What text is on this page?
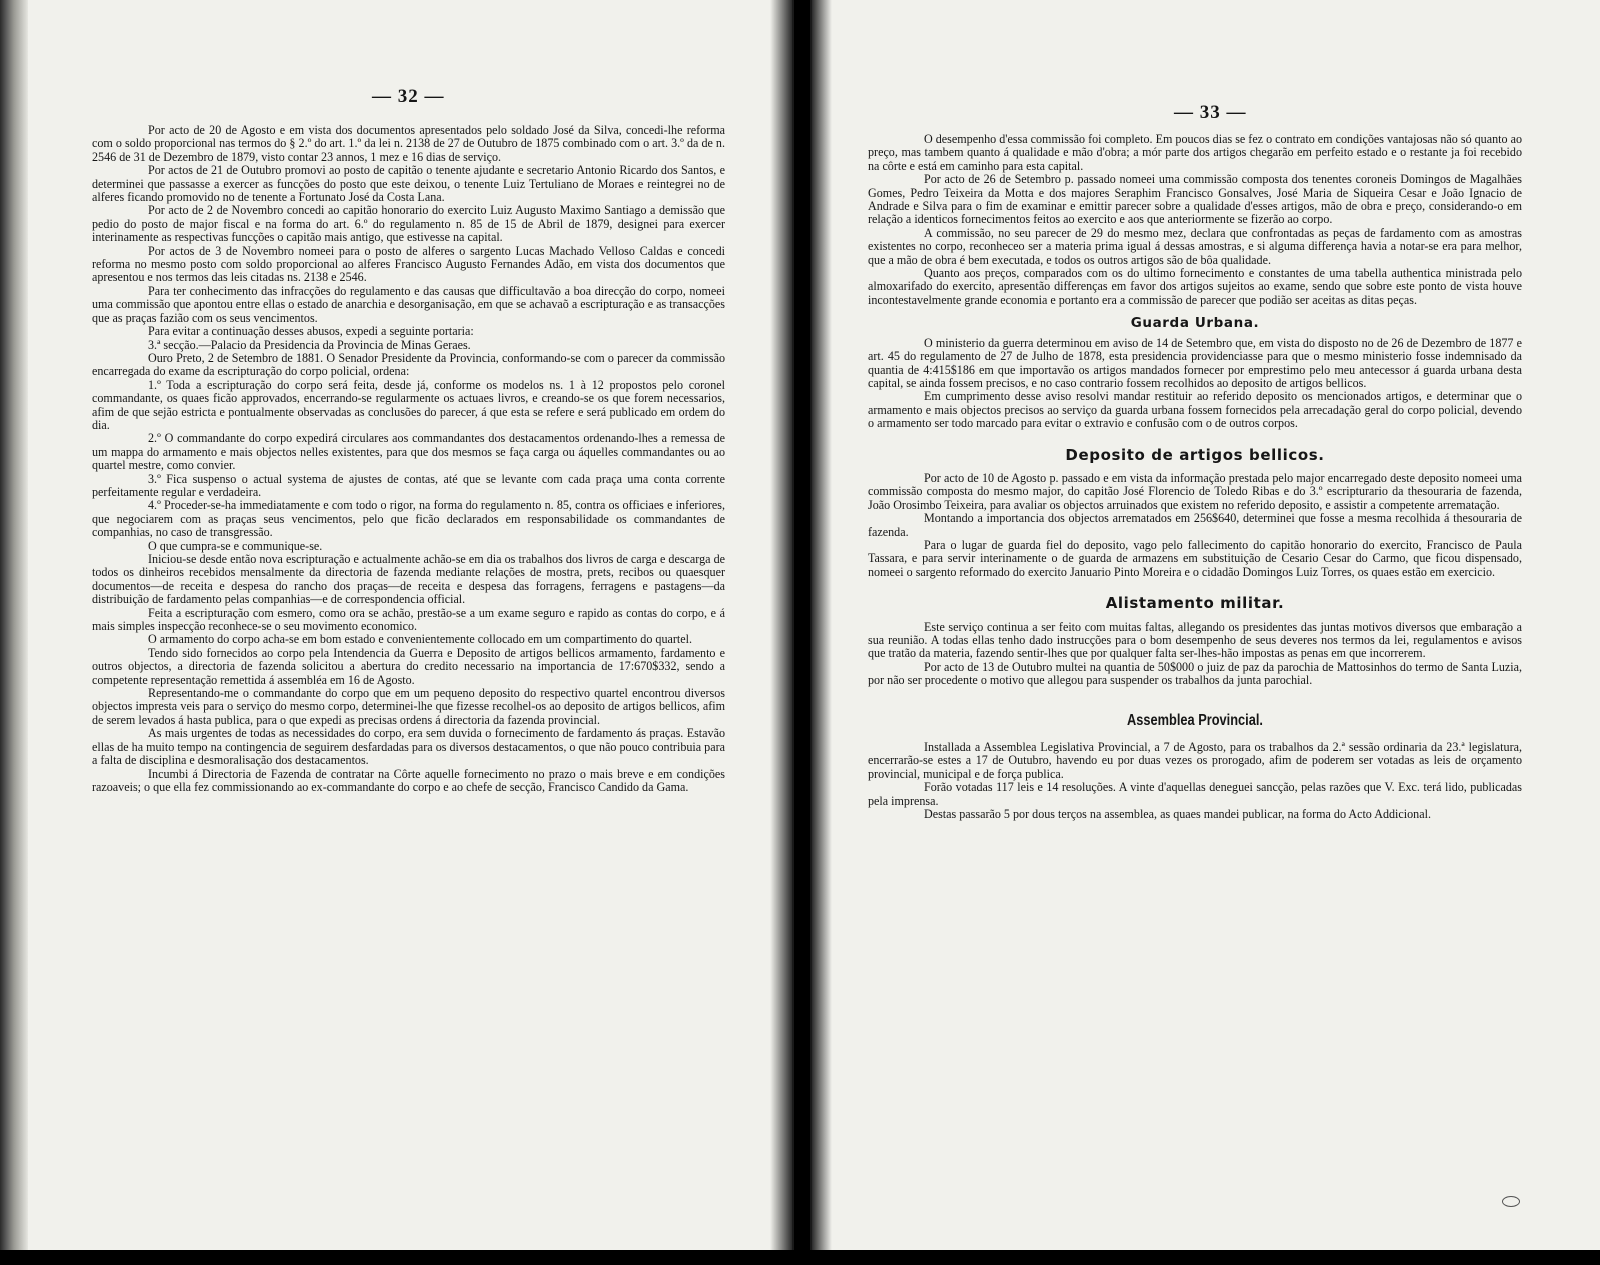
— 32 —

Por acto de 20 de Agosto e em vista dos documentos apresentados pelo soldado José da Silva, concedi-lhe reforma com o soldo proporcional nas termos do § 2.º do art. 1.º da lei n. 2138 de 27 de Outubro de 1875 combinado com o art. 3.º da de n. 2546 de 31 de Dezembro de 1879, visto contar 23 annos, 1 mez e 16 dias de serviço.

Por actos de 21 de Outubro promovi ao posto de capitão o tenente ajudante e secretario Antonio Ricardo dos Santos, e determinei que passasse a exercer as funcções do posto que este deixou, o tenente Luiz Tertuliano de Moraes e reintegrei no de alferes ficando promovido no de tenente a Fortunato José da Costa Lana.

Por acto de 2 de Novembro concedi ao capitão honorario do exercito Luiz Augusto Maximo Santiago a demissão que pedio do posto de major fiscal e na forma do art. 6.º do regulamento n. 85 de 15 de Abril de 1879, designei para exercer interinamente as respectivas funcções o capitão mais antigo, que estivesse na capital.

Por actos de 3 de Novembro nomeei para o posto de alferes o sargento Lucas Machado Velloso Caldas e concedi reforma no mesmo posto com soldo proporcional ao alferes Francisco Augusto Fernandes Adão, em vista dos documentos que apresentou e nos termos das leis citadas ns. 2138 e 2546.

Para ter conhecimento das infracções do regulamento e das causas que difficultavão a boa direcção do corpo, nomeei uma commissão que apontou entre ellas o estado de anarchia e desorganisação, em que se achavaõ a escripturação e as transacções que as praças fazião com os seus vencimentos.

Para evitar a continuação desses abusos, expedi a seguinte portaria:

3.ª secção.—Palacio da Presidencia da Provincia de Minas Geraes.

Ouro Preto, 2 de Setembro de 1881. O Senador Presidente da Provincia, conformando-se com o parecer da commissão encarregada do exame da escripturação do corpo policial, ordena:

1.º Toda a escripturação do corpo será feita, desde já, conforme os modelos ns. 1 à 12 propostos pelo coronel commandante, os quaes ficão approvados, encerrando-se regularmente os actuaes livros, e creando-se os que forem necessarios, afim de que sejão estricta e pontualmente observadas as conclusões do parecer, á que esta se refere e será publicado em ordem do dia.

2.º O commandante do corpo expedirá circulares aos commandantes dos destacamentos ordenando-lhes a remessa de um mappa do armamento e mais objectos nelles existentes, para que dos mesmos se faça carga ou áquelles commandantes ou ao quartel mestre, como convier.

3.º Fica suspenso o actual systema de ajustes de contas, até que se levante com cada praça uma conta corrente perfeitamente regular e verdadeira.

4.º Proceder-se-ha immediatamente e com todo o rigor, na forma do regulamento n. 85, contra os officiaes e inferiores, que negociarem com as praças seus vencimentos, pelo que ficão declarados em responsabilidade os commandantes de companhias, no caso de transgressão.

O que cumpra-se e communique-se.

Iniciou-se desde então nova escripturação e actualmente achão-se em dia os trabalhos dos livros de carga e descarga de todos os dinheiros recebidos mensalmente da directoria de fazenda mediante relações de mostra, prets, recibos ou quaesquer documentos—de receita e despesa do rancho dos praças—de receita e despesa das forragens, ferragens e pastagens—da distribuição de fardamento pelas companhias—e de correspondencia official.

Feita a escripturação com esmero, como ora se achão, prestão-se a um exame seguro e rapido as contas do corpo, e á mais simples inspecção reconhece-se o seu movimento economico.

O armamento do corpo acha-se em bom estado e convenientemente collocado em um compartimento do quartel.

Tendo sido fornecidos ao corpo pela Intendencia da Guerra e Deposito de artigos bellicos armamento, fardamento e outros objectos, a directoria de fazenda solicitou a abertura do credito necessario na importancia de 17:670$332, sendo a competente representação remettida á assembléa em 16 de Agosto.

Representando-me o commandante do corpo que em um pequeno deposito do respectivo quartel encontrou diversos objectos impresta veis para o serviço do mesmo corpo, determinei-lhe que fizesse recolhel-os ao deposito de artigos bellicos, afim de serem levados á hasta publica, para o que expedi as precisas ordens á directoria da fazenda provincial.

As mais urgentes de todas as necessidades do corpo, era sem duvida o fornecimento de fardamento ás praças. Estavão ellas de ha muito tempo na contingencia de seguirem desfardadas para os diversos destacamentos, o que não pouco contribuia para a falta de disciplina e desmoralisação dos destacamentos.

Incumbi á Directoria de Fazenda de contratar na Côrte aquelle fornecimento no prazo o mais breve e em condições razoaveis; o que ella fez commissionando ao ex-commandante do corpo e ao chefe de secção, Francisco Candido da Gama.

— 33 —

O desempenho d'essa commissão foi completo. Em poucos dias se fez o contrato em condições vantajosas não só quanto ao preço, mas tambem quanto á qualidade e mão d'obra; a mór parte dos artigos chegarão em perfeito estado e o restante ja foi recebido na côrte e está em caminho para esta capital.

Por acto de 26 de Setembro p. passado nomeei uma commissão composta dos tenentes coroneis Domingos de Magalhães Gomes, Pedro Teixeira da Motta e dos majores Seraphim Francisco Gonsalves, José Maria de Siqueira Cesar e João Ignacio de Andrade e Silva para o fim de examinar e emittir parecer sobre a qualidade d'esses artigos, mão de obra e preço, considerando-o em relação a identicos fornecimentos feitos ao exercito e aos que anteriormente se fizerão ao corpo.

A commissão, no seu parecer de 29 do mesmo mez, declara que confrontadas as peças de fardamento com as amostras existentes no corpo, reconheceo ser a materia prima igual á dessas amostras, e si alguma differença havia a notar-se era para melhor, que a mão de obra é bem executada, e todos os outros artigos são de bôa qualidade.

Quanto aos preços, comparados com os do ultimo fornecimento e constantes de uma tabella authentica ministrada pelo almoxarifado do exercito, apresentão differenças em favor dos artigos sujeitos ao exame, sendo que sobre este ponto de vista houve incontestavelmente grande economia e portanto era a commissão de parecer que podião ser aceitas as ditas peças.

Guarda Urbana.

O ministerio da guerra determinou em aviso de 14 de Setembro que, em vista do disposto no de 26 de Dezembro de 1877 e art. 45 do regulamento de 27 de Julho de 1878, esta presidencia providenciasse para que o mesmo ministerio fosse indemnisado da quantia de 4:415$186 em que importavão os artigos mandados fornecer por emprestimo pelo meu antecessor á guarda urbana desta capital, se ainda fossem precisos, e no caso contrario fossem recolhidos ao deposito de artigos bellicos.

Em cumprimento desse aviso resolvi mandar restituir ao referido deposito os mencionados artigos, e determinar que o armamento e mais objectos precisos ao serviço da guarda urbana fossem fornecidos pela arrecadação geral do corpo policial, devendo o armamento ser todo marcado para evitar o extravio e confusão com o de outros corpos.

Deposito de artigos bellicos.

Por acto de 10 de Agosto p. passado e em vista da informação prestada pelo major encarregado deste deposito nomeei uma commissão composta do mesmo major, do capitão José Florencio de Toledo Ribas e do 3.º escripturario da thesouraria de fazenda, João Orosimbo Teixeira, para avaliar os objectos arruinados que existem no referido deposito, e assistir a competente arrematação.

Montando a importancia dos objectos arrematados em 256$640, determinei que fosse a mesma recolhida á thesouraria de fazenda.

Para o lugar de guarda fiel do deposito, vago pelo fallecimento do capitão honorario do exercito, Francisco de Paula Tassara, e para servir interinamente o de guarda de armazens em substituição de Cesario Cesar do Carmo, que ficou dispensado, nomeei o sargento reformado do exercito Januario Pinto Moreira e o cidadão Domingos Luiz Torres, os quaes estão em exercicio.

Alistamento militar.

Este serviço continua a ser feito com muitas faltas, allegando os presidentes das juntas motivos diversos que embaração a sua reunião. A todas ellas tenho dado instrucções para o bom desempenho de seus deveres nos termos da lei, regulamentos e avisos que tratão da materia, fazendo sentir-lhes que por qualquer falta ser-lhes-hão impostas as penas em que incorrerem.

Por acto de 13 de Outubro multei na quantia de 50$000 o juiz de paz da parochia de Mattosinhos do termo de Santa Luzia, por não ser procedente o motivo que allegou para suspender os trabalhos da junta parochial.

Assemblea Provincial.

Installada a Assemblea Legislativa Provincial, a 7 de Agosto, para os trabalhos da 2.ª sessão ordinaria da 23.ª legislatura, encerrarão-se estes a 17 de Outubro, havendo eu por duas vezes os prorogado, afim de poderem ser votadas as leis de orçamento provincial, municipal e de força publica.

Forão votadas 117 leis e 14 resoluções. A vinte d'aquellas deneguei sancção, pelas razões que V. Exc. terá lido, publicadas pela imprensa.

Destas passarão 5 por dous terços na assemblea, as quaes mandei publicar, na forma do Acto Addicional.
